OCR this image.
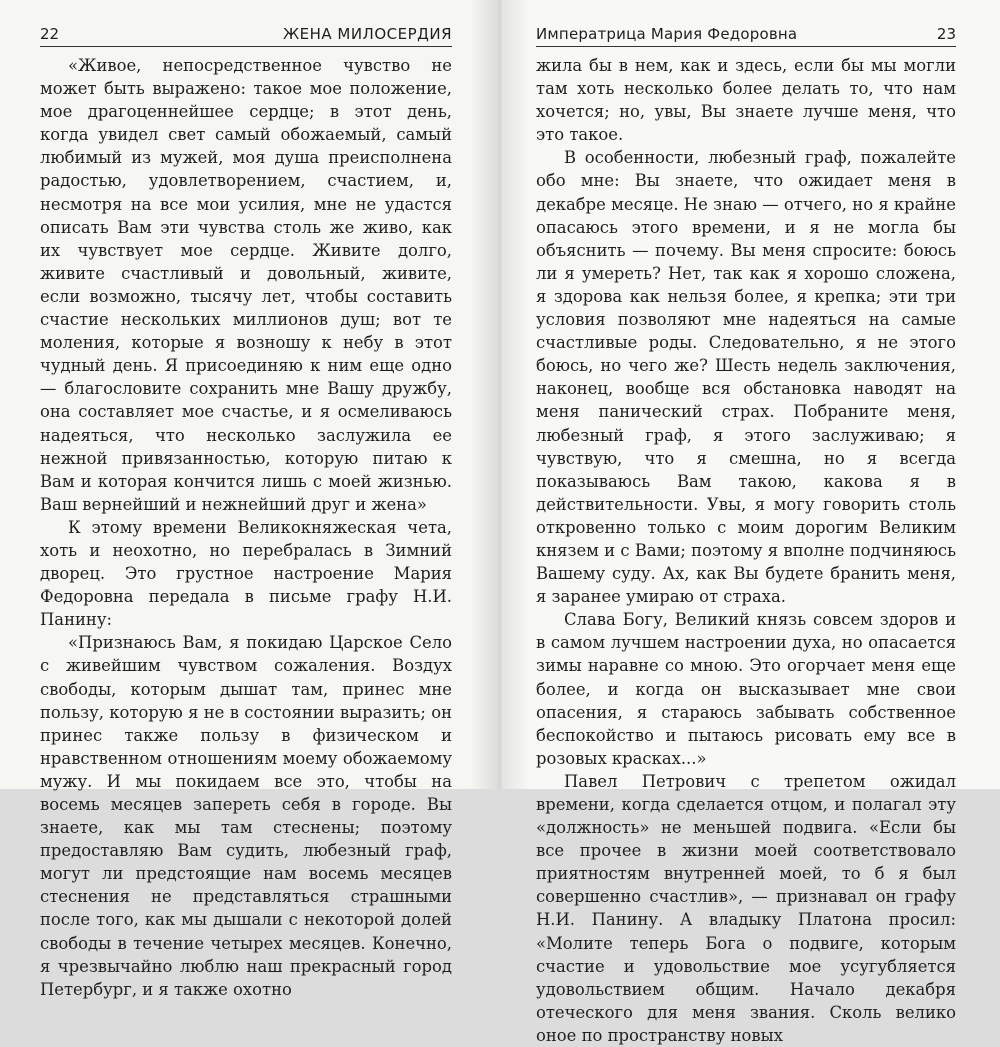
22	ЖЕНА МИЛОСЕРДИЯ

«Живое, непосредственное чувство не может быть выражено: такое мое положение, мое драгоценнейшее сердце; в этот день, когда увидел свет самый обожаемый, самый любимый из мужей, моя душа преисполнена радостью, удовлетворением, счастием, и, несмотря на все мои усилия, мне не удастся описать Вам эти чувства столь же живо, как их чувствует мое сердце. Живите долго, живите счастливый и довольный, живите, если возможно, тысячу лет, чтобы составить счастие нескольких миллионов душ; вот те моления, которые я возношу к небу в этот чудный день. Я присоединяю к ним еще одно — благословите сохранить мне Вашу дружбу, она составляет мое счастье, и я осмеливаюсь надеяться, что несколько заслужила ее нежной привязанностью, которую питаю к Вам и которая кончится лишь с моей жизнью. Ваш вернейший и нежнейший друг и жена»

К этому времени Великокняжеская чета, хоть и неохотно, но перебралась в Зимний дворец. Это грустное настроение Мария Федоровна передала в письме графу Н.И. Панину:

«Признаюсь Вам, я покидаю Царское Село с живейшим чувством сожаления. Воздух свободы, которым дышат там, принес мне пользу, которую я не в состоянии выразить; он принес также пользу в физическом и нравственном отношениям моему обожаемому мужу. И мы покидаем все это, чтобы на восемь месяцев запереть себя в городе. Вы знаете, как мы там стеснены; поэтому предоставляю Вам судить, любезный граф, могут ли предстоящие нам восемь месяцев стеснения не представляться страшными после того, как мы дышали с некоторой долей свободы в течение четырех месяцев. Конечно, я чрезвычайно люблю наш прекрасный город Петербург, и я также охотно

Императрица Мария Федоровна	23

жила бы в нем, как и здесь, если бы мы могли там хоть несколько более делать то, что нам хочется; но, увы, Вы знаете лучше меня, что это такое.

В особенности, любезный граф, пожалейте обо мне: Вы знаете, что ожидает меня в декабре месяце. Не знаю — отчего, но я крайне опасаюсь этого времени, и я не могла бы объяснить — почему. Вы меня спросите: боюсь ли я умереть? Нет, так как я хорошо сложена, я здорова как нельзя более, я крепка; эти три условия позволяют мне надеяться на самые счастливые роды. Следовательно, я не этого боюсь, но чего же? Шесть недель заключения, наконец, вообще вся обстановка наводят на меня панический страх. Побраните меня, любезный граф, я этого заслуживаю; я чувствую, что я смешна, но я всегда показываюсь Вам такою, какова я в действительности. Увы, я могу говорить столь откровенно только с моим дорогим Великим князем и с Вами; поэтому я вполне подчиняюсь Вашему суду. Ах, как Вы будете бранить меня, я заранее умираю от страха.

Слава Богу, Великий князь совсем здоров и в самом лучшем настроении духа, но опасается зимы наравне со мною. Это огорчает меня еще более, и когда он высказывает мне свои опасения, я стараюсь забывать собственное беспокойство и пытаюсь рисовать ему все в розовых красках...»

Павел Петрович с трепетом ожидал времени, когда сделается отцом, и полагал эту «должность» не меньшей подвига. «Если бы все прочее в жизни моей соответствовало приятностям внутренней моей, то б я был совершенно счастлив», — признавал он графу Н.И. Панину. А владыку Платона просил: «Молите теперь Бога о подвиге, которым счастие и удовольствие мое усугубляется удовольствием общим. Начало декабря отеческого для меня звания. Сколь велико оное по пространству новых
